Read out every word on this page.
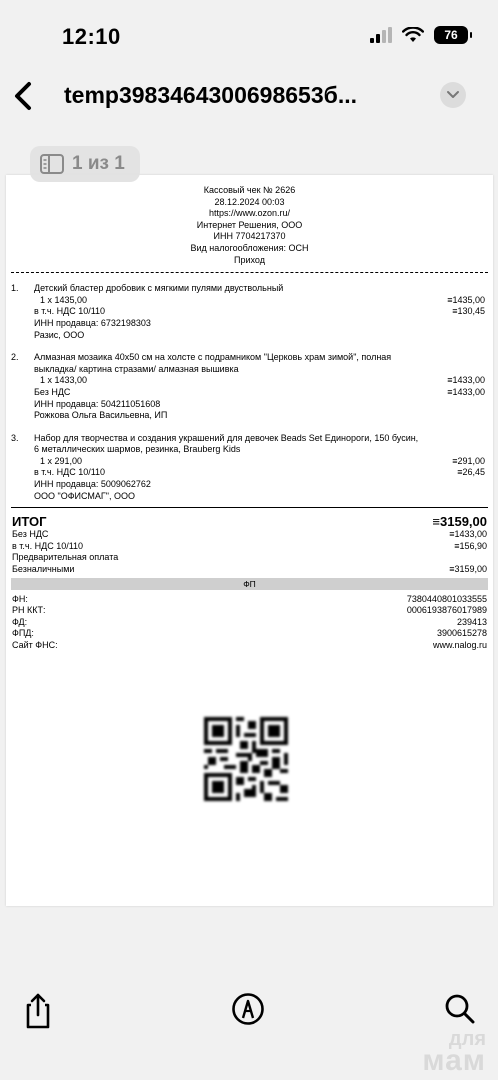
12:10	76
temp3983464300698653б...
1 из 1
Кассовый чек № 2626
28.12.2024 00:03
https://www.ozon.ru/
Интернет Решения, ООО
ИНН 7704217370
Вид налогообложения: ОСН
Приход
1. Детский бластер дробовик с мягкими пулями двуствольный
1 x 1435,00	≡1435,00
в т.ч. НДС 10/110	≡130,45
ИНН продавца: 6732198303
Разис, ООО
2. Алмазная мозаика 40x50 см на холсте с подрамником "Церковь храм зимой", полная
выкладка/ картина стразами/ алмазная вышивка
1 x 1433,00	≡1433,00
Без НДС	≡1433,00
ИНН продавца: 504211051608
Рожкова Ольга Васильевна, ИП
3. Набор для творчества и создания украшений для девочек Beads Set Единороги, 150 бусин,
6 металлических шармов, резинка, Brauberg Kids
1 x 291,00	≡291,00
в т.ч. НДС 10/110	≡26,45
ИНН продавца: 5009062762
ООО "ОФИСМАГ", ООО
ИТОГ	≡3159,00
Без НДС	≡1433,00
в т.ч. НДС 10/110	≡156,90
Предварительная оплата
Безналичными	≡3159,00
ФП
ФН:	7380440801033555
РН ККТ:	0006193876017989
ФД:	239413
ФПД:	3900615278
Сайт ФНС:	www.nalog.ru
для
мам
